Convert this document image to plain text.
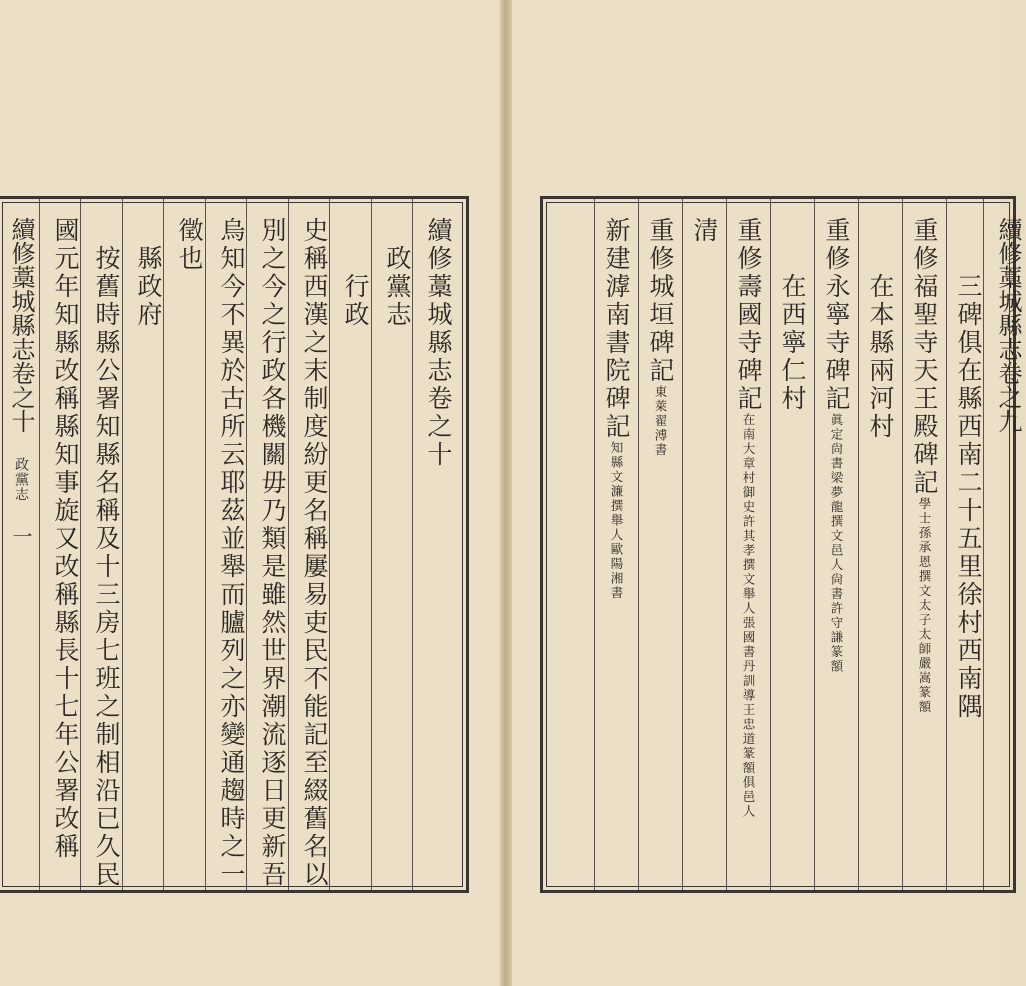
續修藁城縣志卷之十　政黨志　一
續修藁城縣志卷之十
　政黨志
　　行政
史稱西漢之末制度紛更名稱屢易吏民不能記至綴舊名以
別之今之行政各機關毋乃類是雖然世界潮流逐日更新吾
烏知今不異於古所云耶茲並舉而臚列之亦變通趨時之一
徵也
　縣政府
　按舊時縣公署知縣名稱及十三房七班之制相沿已久民
國元年知縣改稱縣知事旋又改稱縣長十七年公署改稱	續修藁城縣志卷之九
　　三碑俱在縣西南二十五里徐村西南隅
重修福聖寺天王殿碑記學士孫承恩撰文太子太師嚴嵩篆額
　　在本縣兩河村
重修永寧寺碑記眞定尙書梁夢龍撰文邑人尙書許守謙篆額
　　在西寧仁村
重修壽國寺碑記在南大章村御史許其孝撰文舉人張國書丹訓導王忠道篆額俱邑人
清
重修城垣碑記東萊翟溥書
新建滹南書院碑記知縣文濂撰舉人歐陽湘書
